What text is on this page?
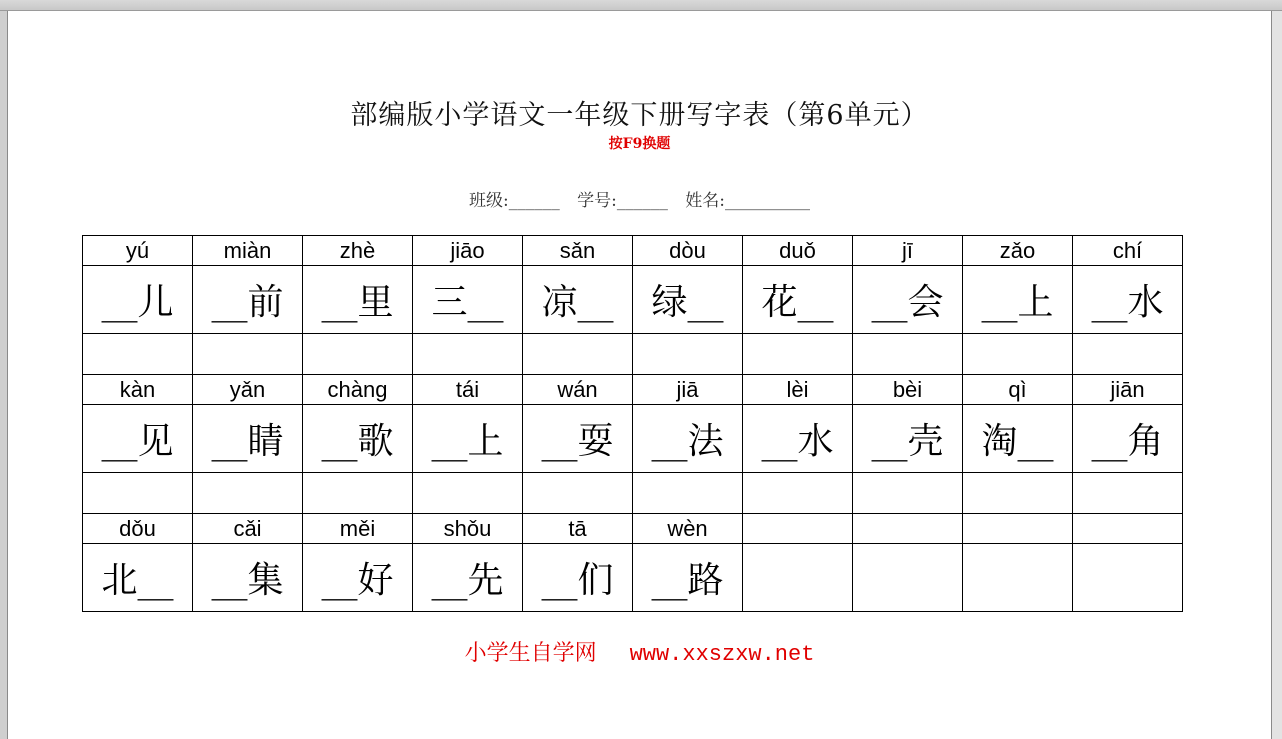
部编版小学语文一年级下册写字表（第6单元）
按F9换题
班级:______ 学号:______ 姓名:__________
yú	miàn	zhè	jiāo	sǎn	dòu	duǒ	jī	zǎo	chí
__儿	__前	__里	三__	凉__	绿__	花__	__会	__上	__水

kàn	yǎn	chàng	tái	wán	jiā	lèi	bèi	qì	jiān
__见	__睛	__歌	__上	__耍	__法	__水	__壳	淘__	__角

dǒu	cǎi	měi	shǒu	tā	wèn				
北__	__集	__好	__先	__们	__路				
小学生自学网 www.xxszxw.net
